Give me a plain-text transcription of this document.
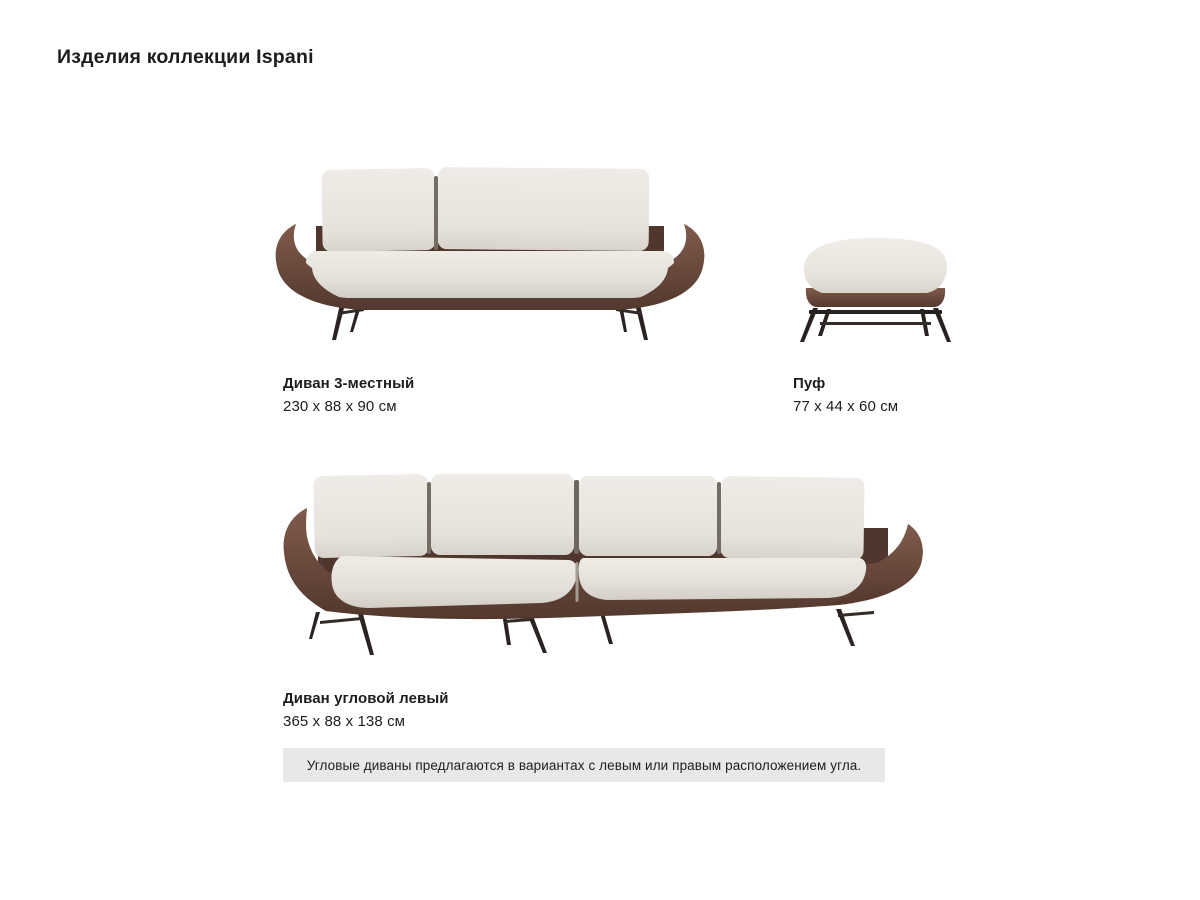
Изделия коллекции Ispani
Диван 3-местный
230 x 88 x 90 см
Пуф
77 x 44 x 60 см
Диван угловой левый
365 x 88 x 138 см
Угловые диваны предлагаются в вариантах с левым или правым расположением угла.
